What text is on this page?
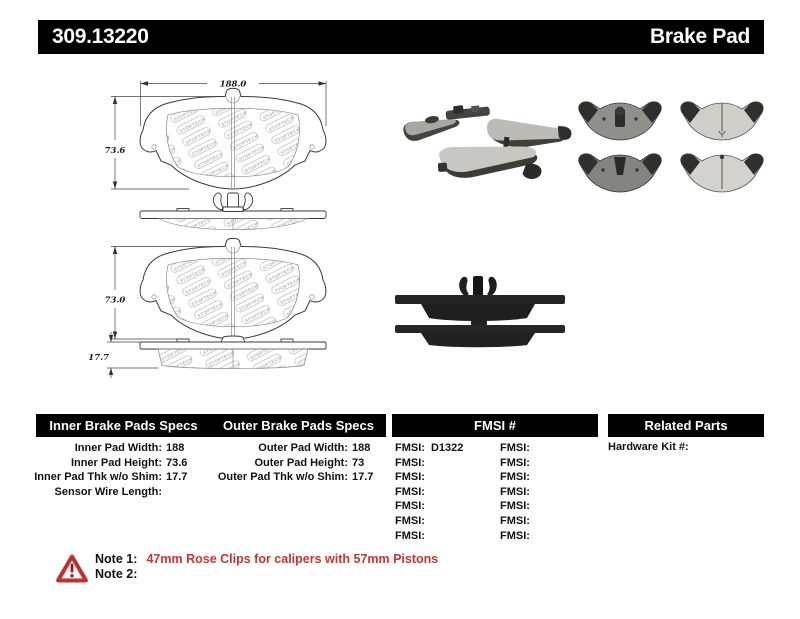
309.13220	Brake Pad
188.0
73.6
73.0
17.7
Inner Brake Pads Specs	Outer Brake Pads Specs	FMSI #	Related Parts
Inner Pad Width: 188
Inner Pad Height: 73.6
Inner Pad Thk w/o Shim: 17.7
Sensor Wire Length:
Outer Pad Width: 188
Outer Pad Height: 73
Outer Pad Thk w/o Shim: 17.7
FMSI: D1322	FMSI:
FMSI:	FMSI:
FMSI:	FMSI:
FMSI:	FMSI:
FMSI:	FMSI:
FMSI:	FMSI:
FMSI:	FMSI:
Hardware Kit #:
Note 1: 47mm Rose Clips for calipers with 57mm Pistons
Note 2:
